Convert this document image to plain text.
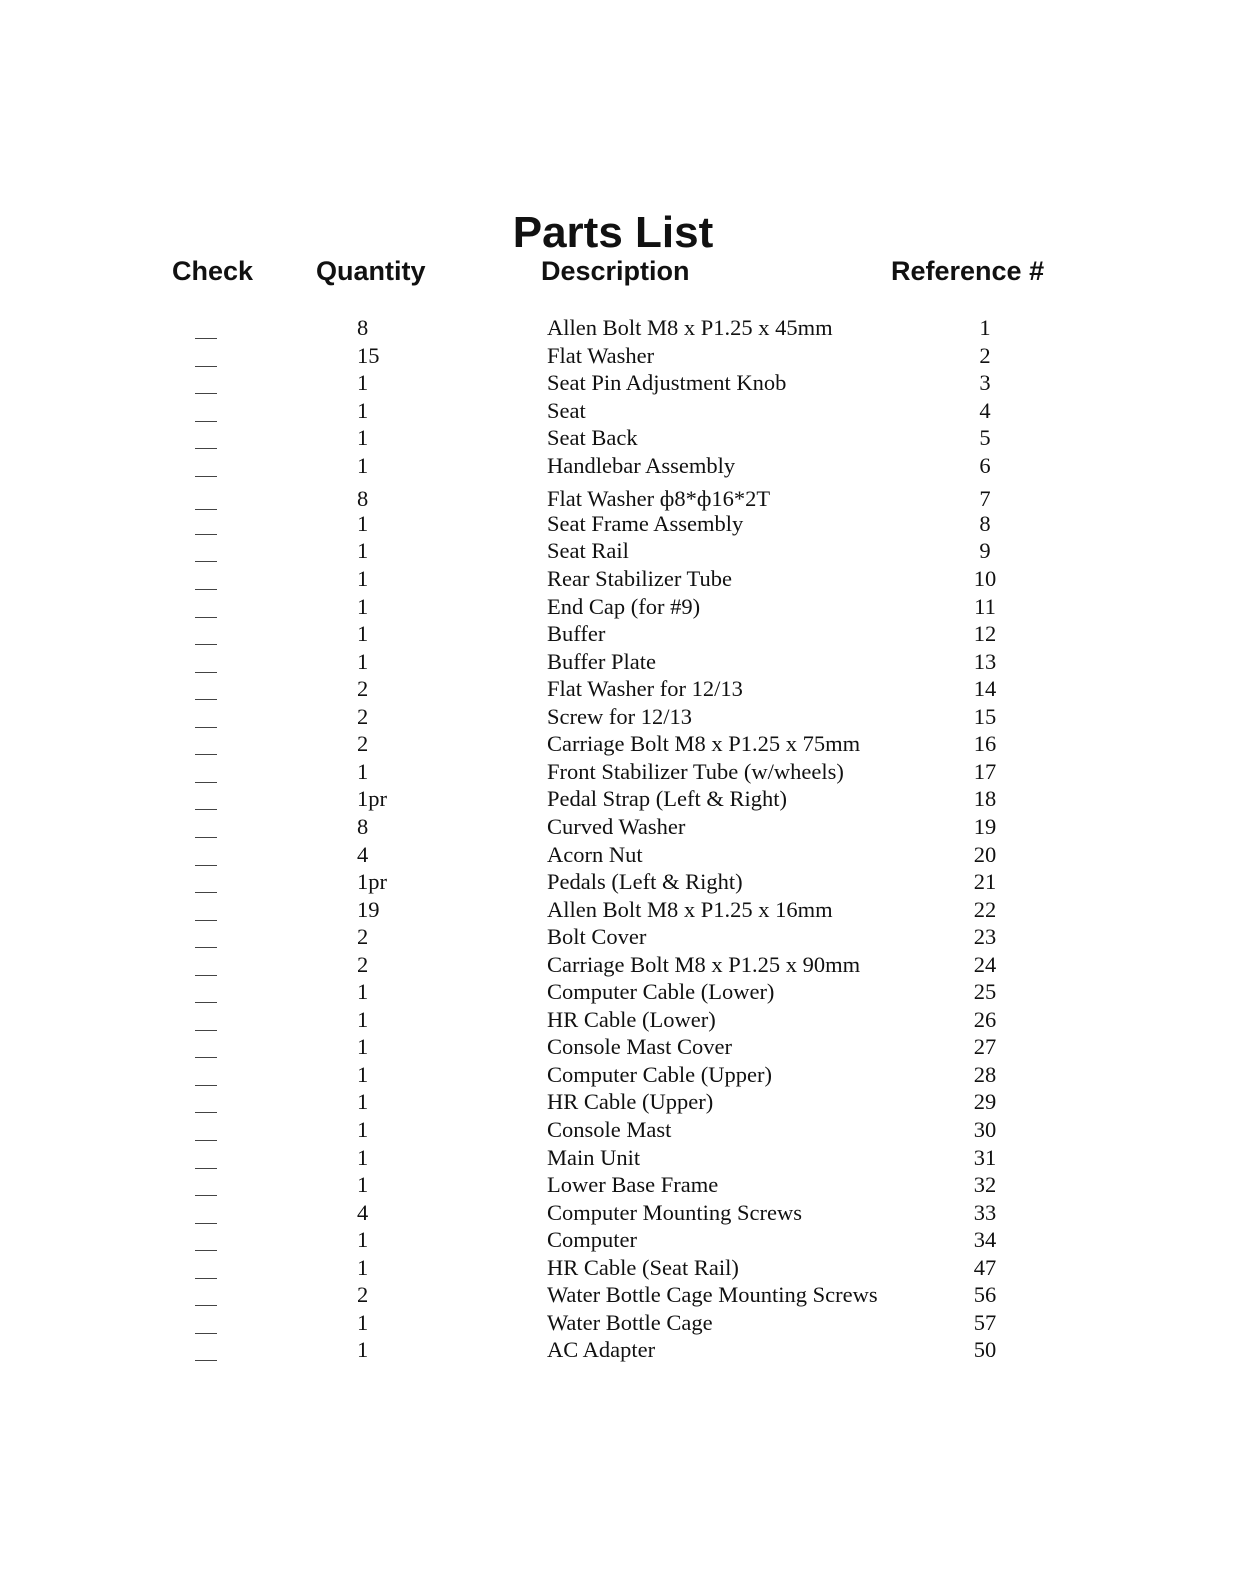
Parts List
Check Quantity	Description	Reference #
8	Allen Bolt M8 x P1.25 x 45mm	1
15	Flat Washer	2
1	Seat Pin Adjustment Knob	3
1	Seat	4
1	Seat Back	5
1	Handlebar Assembly	6
8	Flat Washer ф8*ф16*2T	7
1	Seat Frame Assembly	8
1	Seat Rail	9
1	Rear Stabilizer Tube	10
1	End Cap (for #9)	11
1	Buffer	12
1	Buffer Plate	13
2	Flat Washer for 12/13	14
2	Screw for 12/13	15
2	Carriage Bolt M8 x P1.25 x 75mm	16
1	Front Stabilizer Tube (w/wheels)	17
1pr	Pedal Strap (Left & Right)	18
8	Curved Washer	19
4	Acorn Nut	20
1pr	Pedals (Left & Right)	21
19	Allen Bolt M8 x P1.25 x 16mm	22
2	Bolt Cover	23
2	Carriage Bolt M8 x P1.25 x 90mm	24
1	Computer Cable (Lower)	25
1	HR Cable (Lower)	26
1	Console Mast Cover	27
1	Computer Cable (Upper)	28
1	HR Cable (Upper)	29
1	Console Mast	30
1	Main Unit	31
1	Lower Base Frame	32
4	Computer Mounting Screws	33
1	Computer	34
1	HR Cable (Seat Rail)	47
2	Water Bottle Cage Mounting Screws	56
1	Water Bottle Cage	57
1	AC Adapter	50
